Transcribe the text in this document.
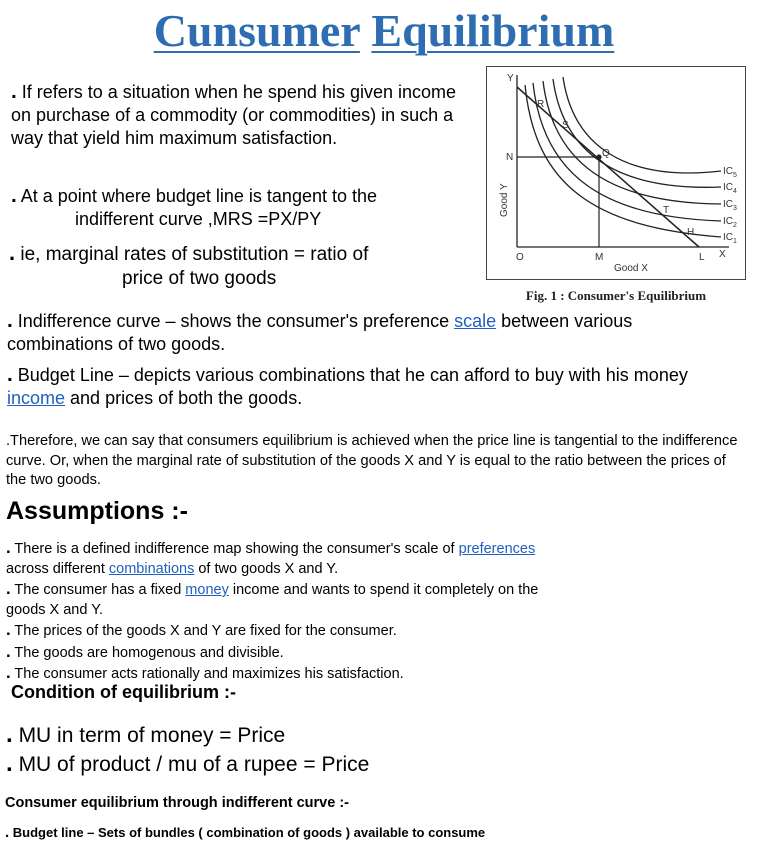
Cunsumer Equilibrium
. If refers to a situation when he spend his given income on purchase of a commodity (or commodities) in such a way that yield him maximum satisfaction.
. At a point where budget line is tangent to the
indifferent curve ,MRS =PX/PY
. ie, marginal rates of substitution = ratio of
price of two goods
Y
X
Good Y
Good X
R
S
Q
T
H
N
O	M	L
$IC_5$
$IC_4$
$IC_3$
$IC_2$
$IC_1$
Fig. 1 : Consumer's Equilibrium
. Indifference curve – shows the consumer's preference scale between various combinations of two goods.
. Budget Line – depicts various combinations that he can afford to buy with his money income and prices of both the goods.
.Therefore, we can say that consumers equilibrium is achieved when the price line is tangential to the indifference curve. Or, when the marginal rate of substitution of the goods X and Y is equal to the ratio between the prices of the two goods.
Assumptions :-
. There is a defined indifference map showing the consumer's scale of preferences across different combinations of two goods X and Y.
. The consumer has a fixed money income and wants to spend it completely on the goods X and Y.
. The prices of the goods X and Y are fixed for the consumer.
. The goods are homogenous and divisible.
. The consumer acts rationally and maximizes his satisfaction.
Condition of equilibrium :-
. MU in term of money = Price
. MU of product / mu of a rupee = Price
Consumer equilibrium through indifferent curve :-
. Budget line – Sets of bundles ( combination of goods ) available to consume
